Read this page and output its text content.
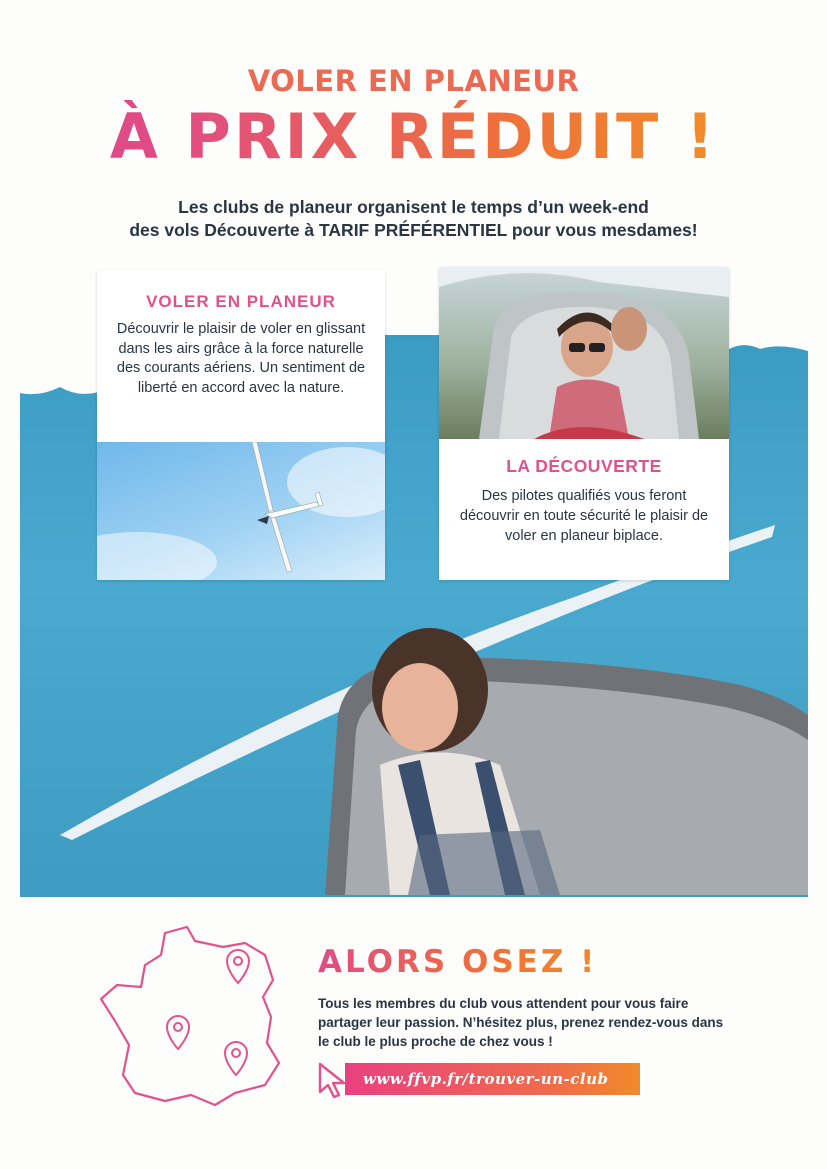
VOLER EN PLANEUR
À PRIX RÉDUIT !

Les clubs de planeur organisent le temps d’un week-end

des vols Découverte à TARIF PRÉFÉRENTIEL pour vous mesdames!

VOLER EN PLANEUR
Découvrir le plaisir de voler en glissant dans les airs grâce à la force naturelle des courants aériens. Un sentiment de liberté en accord avec la nature.
LA DÉCOUVERTE
Des pilotes qualifiés vous feront découvrir en toute sécurité le plaisir de voler en planeur biplace.
ALORS OSEZ !
Tous les membres du club vous attendent pour vous faire partager leur passion. N’hésitez plus, prenez rendez-vous dans le club le plus proche de chez vous !
www.ffvp.fr/trouver-un-club
